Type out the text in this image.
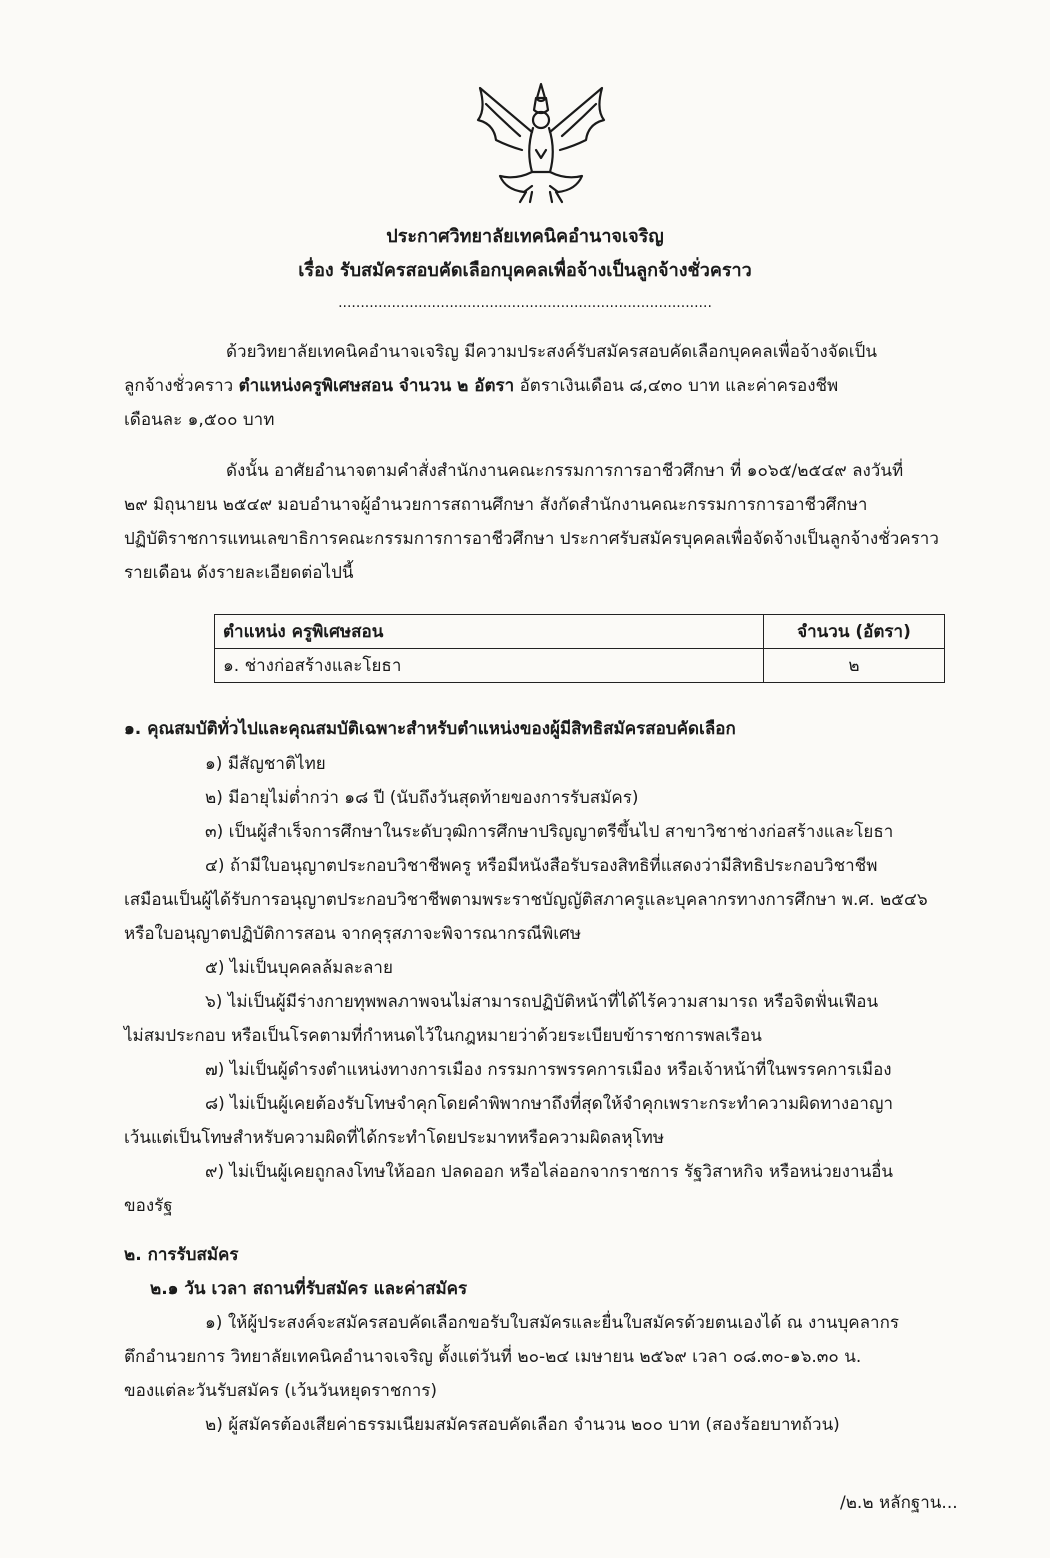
ประกาศวิทยาลัยเทคนิคอำนาจเจริญ
เรื่อง รับสมัครสอบคัดเลือกบุคคลเพื่อจ้างเป็นลูกจ้างชั่วคราว
....................................................................................
ด้วยวิทยาลัยเทคนิคอำนาจเจริญ มีความประสงค์รับสมัครสอบคัดเลือกบุคคลเพื่อจ้างจัดเป็น
ลูกจ้างชั่วคราว ตำแหน่งครูพิเศษสอน จำนวน ๒ อัตรา อัตราเงินเดือน ๘,๔๓๐ บาท และค่าครองชีพ
เดือนละ ๑,๕๐๐ บาท
ดังนั้น อาศัยอำนาจตามคำสั่งสำนักงานคณะกรรมการการอาชีวศึกษา ที่ ๑๐๖๕/๒๕๔๙ ลงวันที่
๒๙ มิถุนายน ๒๕๔๙ มอบอำนาจผู้อำนวยการสถานศึกษา สังกัดสำนักงานคณะกรรมการการอาชีวศึกษา
ปฏิบัติราชการแทนเลขาธิการคณะกรรมการการอาชีวศึกษา ประกาศรับสมัครบุคคลเพื่อจัดจ้างเป็นลูกจ้างชั่วคราว
รายเดือน ดังรายละเอียดต่อไปนี้
ตำแหน่ง ครูพิเศษสอน	จำนวน (อัตรา)
๑. ช่างก่อสร้างและโยธา	๒
๑. คุณสมบัติทั่วไปและคุณสมบัติเฉพาะสำหรับตำแหน่งของผู้มีสิทธิสมัครสอบคัดเลือก
๑) มีสัญชาติไทย
๒) มีอายุไม่ต่ำกว่า ๑๘ ปี (นับถึงวันสุดท้ายของการรับสมัคร)
๓) เป็นผู้สำเร็จการศึกษาในระดับวุฒิการศึกษาปริญญาตรีขึ้นไป สาขาวิชาช่างก่อสร้างและโยธา
๔) ถ้ามีใบอนุญาตประกอบวิชาชีพครู หรือมีหนังสือรับรองสิทธิที่แสดงว่ามีสิทธิประกอบวิชาชีพ
เสมือนเป็นผู้ได้รับการอนุญาตประกอบวิชาชีพตามพระราชบัญญัติสภาครูและบุคลากรทางการศึกษา พ.ศ. ๒๕๔๖
หรือใบอนุญาตปฏิบัติการสอน จากคุรุสภาจะพิจารณากรณีพิเศษ
๕) ไม่เป็นบุคคลล้มละลาย
๖) ไม่เป็นผู้มีร่างกายทุพพลภาพจนไม่สามารถปฏิบัติหน้าที่ได้ไร้ความสามารถ หรือจิตฟั่นเฟือน
ไม่สมประกอบ หรือเป็นโรคตามที่กำหนดไว้ในกฎหมายว่าด้วยระเบียบข้าราชการพลเรือน
๗) ไม่เป็นผู้ดำรงตำแหน่งทางการเมือง กรรมการพรรคการเมือง หรือเจ้าหน้าที่ในพรรคการเมือง
๘) ไม่เป็นผู้เคยต้องรับโทษจำคุกโดยคำพิพากษาถึงที่สุดให้จำคุกเพราะกระทำความผิดทางอาญา
เว้นแต่เป็นโทษสำหรับความผิดที่ได้กระทำโดยประมาทหรือความผิดลหุโทษ
๙) ไม่เป็นผู้เคยถูกลงโทษให้ออก ปลดออก หรือไล่ออกจากราชการ รัฐวิสาหกิจ หรือหน่วยงานอื่น
ของรัฐ
๒. การรับสมัคร
๒.๑ วัน เวลา สถานที่รับสมัคร และค่าสมัคร
๑) ให้ผู้ประสงค์จะสมัครสอบคัดเลือกขอรับใบสมัครและยื่นใบสมัครด้วยตนเองได้ ณ งานบุคลากร
ตึกอำนวยการ วิทยาลัยเทคนิคอำนาจเจริญ ตั้งแต่วันที่ ๒๐-๒๔ เมษายน ๒๕๖๙ เวลา ๐๘.๓๐-๑๖.๓๐ น.
ของแต่ละวันรับสมัคร (เว้นวันหยุดราชการ)
๒) ผู้สมัครต้องเสียค่าธรรมเนียมสมัครสอบคัดเลือก จำนวน ๒๐๐ บาท (สองร้อยบาทถ้วน)
/๒.๒ หลักฐาน...
